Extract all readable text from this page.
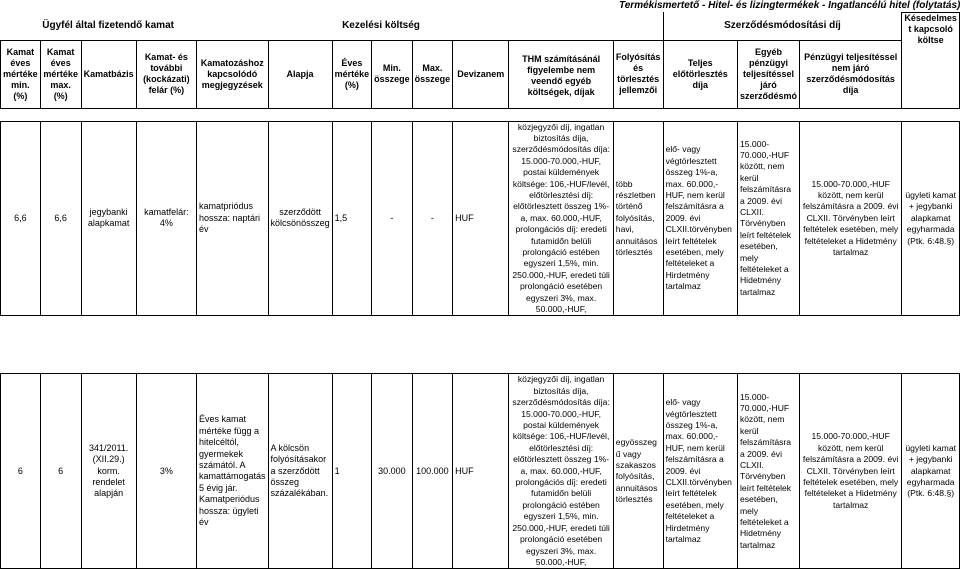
Termékismertető - Hitel- és lizingtermékek - Ingatlancélú hitel (folytatás)

	Ügyfél által fizetendő kamat					Kezelési költség						Szerződésmódosítási díj			Késedelmes t kapcsoló költse
Kamat éves mértéke min. (%)	Kamat éves mértéke max. (%)	Kamatbázis	Kamat- és további (kockázati) felár (%)	Kamatozáshoz kapcsolódó megjegyzések	Alapja	Éves mértéke (%)	Min. összege	Max. összege	Devizanem	THM számításánál figyelembe nem veendő egyéb költségek, díjak	Folyósítás és törlesztés jellemzői	Teljes előtörlesztés díja	Egyéb pénzügyi teljesítéssel járó szerződésmó	Pénzügyi teljesítéssel nem járó szerződésmódosítás díja

6,6	6,6	jegybanki alapkamat	kamatfelár: 4%	kamatpriódus hossza: naptári év	szerződött kölcsönösszeg	1,5	-	-	HUF	közjegyzői díj, ingatlan biztosítás díja, szerződésmódosítás díja: 15.000-70.000,-HUF, postai küldemények költsége: 106,-HUF/levél, előtörlesztési díj: előtörlesztett összeg 1%-a, max. 60.000,-HUF, prolongációs díj: eredeti futamidőn belüli prolongáció estében egyszeri 1,5%, min. 250.000,-HUF, eredeti túli prolongáció esetében egyszeri 3%, max. 50.000,-HUF,	több részletben történő folyósítás, havi, annuitásos törlesztés	elő- vagy végtörlesztett összeg 1%-a, max. 60.000,-HUF, nem kerül felszámításra a 2009. évi CLXII.törvényben leírt feltételek esetében, mely feltételeket a Hirdetmény tartalmaz	15.000-70.000,-HUF között, nem kerül felszámításra a 2009. évi CLXII. Törvényben leírt feltételek esetében, mely feltételeket a Hidetmény tartalmaz	15.000-70.000,-HUF között, nem kerül felszámításra a 2009. évi CLXII. Törvényben leírt feltételek esetében, mely feltételeket a Hidetmény tartalmaz	ügyleti kamat + jegybanki alapkamat egyharmada (Ptk. 6:48.§)

6	6	341/2011. (XII.29.) korm. rendelet alapján	3%	Éves kamat mértéke függ a hitelcéltól, gyermekek számától. A kamattámogatás 5 évig jár. Kamatperiódus hossza: ügyleti év	A kölcsön folyósításakor a szerződött összeg százalékában.	1	30.000	100.000	HUF	közjegyzői díj, ingatlan biztosítás díja, szerződésmódosítás díja: 15.000-70.000,-HUF, postai küldemények költsége: 106,-HUF/levél, előtörlesztési díj: előtörlesztett összeg 1%-a, max. 60.000,-HUF, prolongációs díj: eredeti futamidőn belüli prolongáció estében egyszeri 1,5%, min. 250.000,-HUF, eredeti túli prolongáció esetében egyszeri 3%, max. 50.000,-HUF,	egyösszeg ű vagy szakaszos folyósítás, annuitásos törlesztés	elő- vagy végtörlesztett összeg 1%-a, max. 60.000,-HUF, nem kerül felszámításra a 2009. évi CLXII.törvényben leírt feltételek esetében, mely feltételeket a Hirdetmény tartalmaz	15.000-70.000,-HUF között, nem kerül felszámításra a 2009. évi CLXII. Törvényben leírt feltételek esetében, mely feltételeket a Hidetmény tartalmaz	15.000-70.000,-HUF között, nem kerül felszámításra a 2009. évi CLXII. Törvényben leírt feltételek esetében, mely feltételeket a Hidetmény tartalmaz	ügyleti kamat + jegybanki alapkamat egyharmada (Ptk. 6:48.§)
